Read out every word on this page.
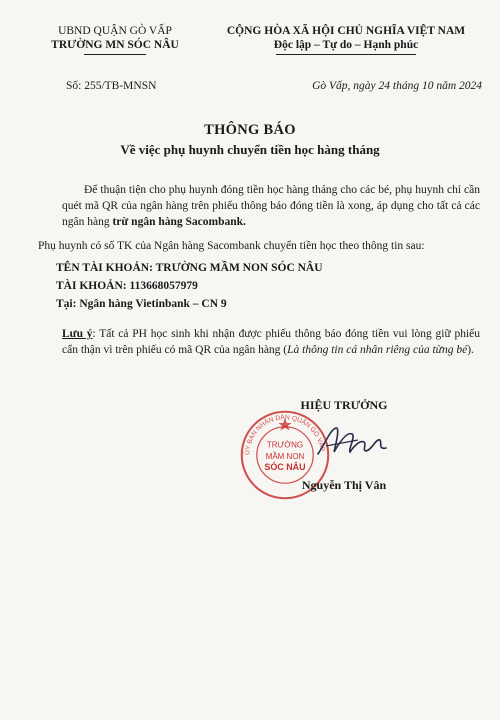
UBND QUẬN GÒ VẤP
TRƯỜNG MN SÓC NÂU
CỘNG HÒA XÃ HỘI CHỦ NGHĨA VIỆT NAM
Độc lập – Tự do – Hạnh phúc
Số: 255/TB-MNSN	Gò Vấp, ngày 24 tháng 10 năm 2024
THÔNG BÁO
Về việc phụ huynh chuyển tiền học hàng tháng
Để thuận tiện cho phụ huynh đóng tiền học hàng tháng cho các bé, phụ huynh chỉ cần quét mã QR của ngân hàng trên phiếu thông báo đóng tiền là xong, áp dụng cho tất cả các ngân hàng trừ ngân hàng Sacombank.
Phụ huynh có số TK của Ngân hàng Sacombank chuyển tiền học theo thông tin sau:
TÊN TÀI KHOẢN: TRƯỜNG MẦM NON SÓC NÂU
TÀI KHOẢN: 113668057979
Tại: Ngân hàng Vietinbank – CN 9
Lưu ý: Tất cả PH học sinh khi nhận được phiếu thông báo đóng tiền vui lòng giữ phiếu cẩn thận vì trên phiếu có mã QR của ngân hàng (Là thông tin cá nhân riêng của từng bé).
HIỆU TRƯỞNG
ỦY BAN NHÂN DÂN QUẬN GÒ VẤP
TRƯỜNG
MẦM NON
SÓC NÂU
Nguyễn Thị Vân
